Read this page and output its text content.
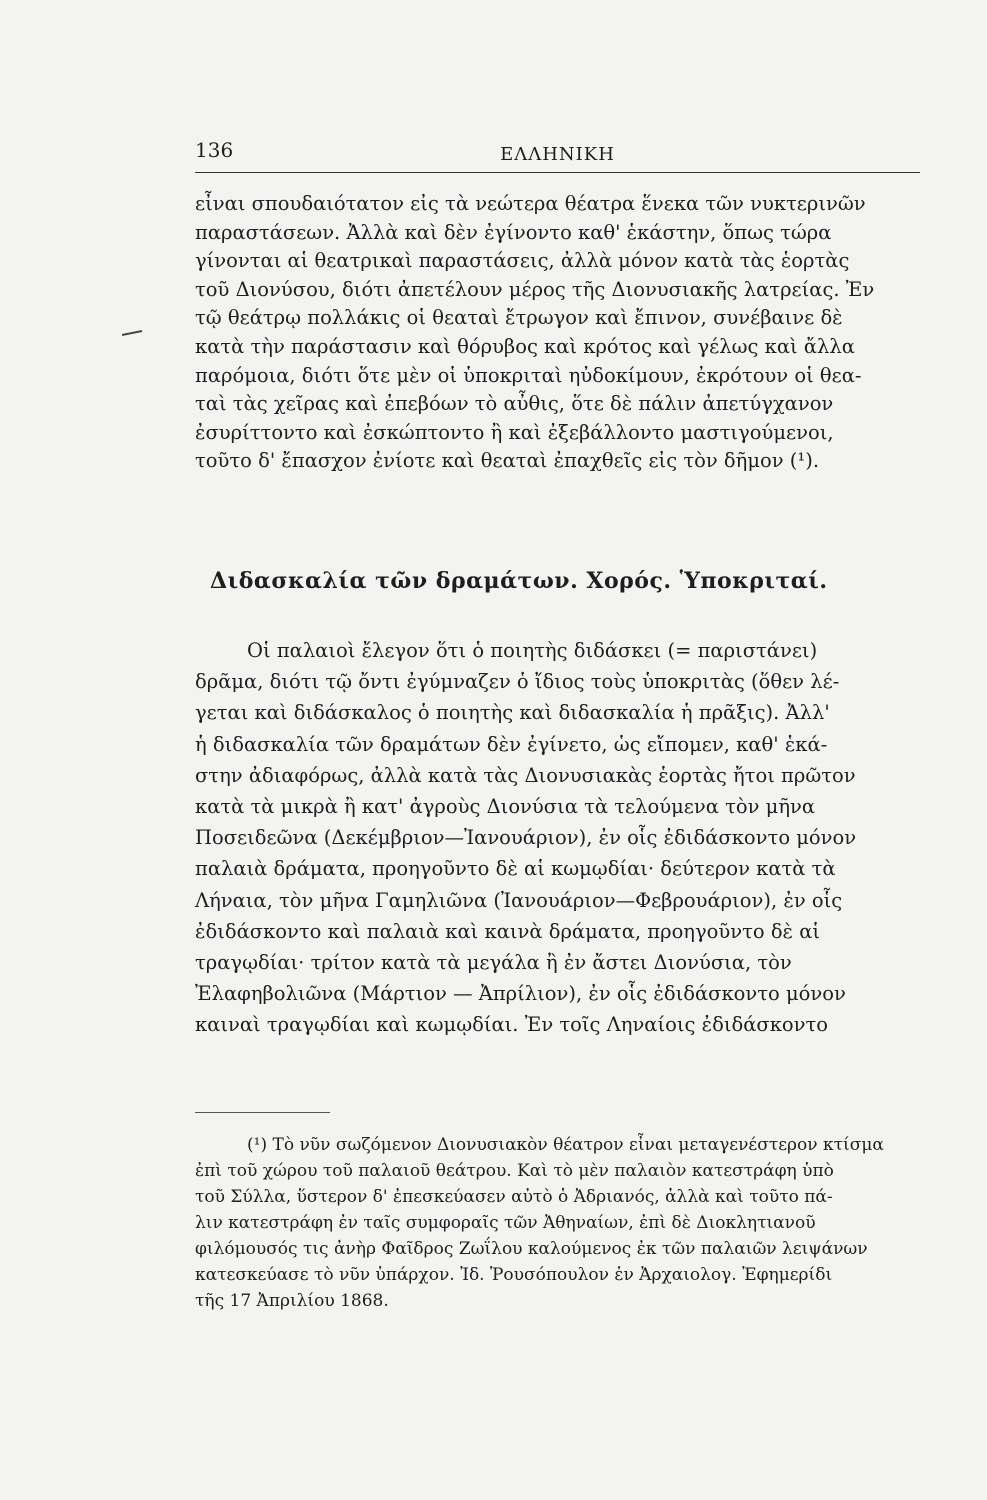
136	ΕΛΛΗΝΙΚΗ
εἶναι σπουδαιότατον εἰς τὰ νεώτερα θέατρα ἕνεκα τῶν νυκτερινῶν
παραστάσεων. Ἀλλὰ καὶ δὲν ἐγίνοντο καθ' ἑκάστην, ὅπως τώρα
γίνονται αἱ θεατρικαὶ παραστάσεις, ἀλλὰ μόνον κατὰ τὰς ἑορτὰς
τοῦ Διονύσου, διότι ἀπετέλουν μέρος τῆς Διονυσιακῆς λατρείας. Ἐν
τῷ θεάτρῳ πολλάκις οἱ θεαταὶ ἔτρωγον καὶ ἔπινον, συνέβαινε δὲ
κατὰ τὴν παράστασιν καὶ θόρυβος καὶ κρότος καὶ γέλως καὶ ἄλλα
παρόμοια, διότι ὅτε μὲν οἱ ὑποκριταὶ ηὐδοκίμουν, ἐκρότουν οἱ θεα-
ταὶ τὰς χεῖρας καὶ ἐπεβόων τὸ αὖθις, ὅτε δὲ πάλιν ἀπετύγχανον
ἐσυρίττοντο καὶ ἐσκώπτοντο ἢ καὶ ἐξεβάλλοντο μαστιγούμενοι,
τοῦτο δ' ἔπασχον ἐνίοτε καὶ θεαταὶ ἐπαχθεῖς εἰς τὸν δῆμον (¹).
Διδασκαλία τῶν δραμάτων. Χορός. Ὑποκριταί.
Οἱ παλαιοὶ ἔλεγον ὅτι ὁ ποιητὴς διδάσκει (= παριστάνει)
δρᾶμα, διότι τῷ ὄντι ἐγύμναζεν ὁ ἴδιος τοὺς ὑποκριτὰς (ὅθεν λέ-
γεται καὶ διδάσκαλος ὁ ποιητὴς καὶ διδασκαλία ἡ πρᾶξις). Ἀλλ'
ἡ διδασκαλία τῶν δραμάτων δὲν ἐγίνετο, ὡς εἴπομεν, καθ' ἑκά-
στην ἀδιαφόρως, ἀλλὰ κατὰ τὰς Διονυσιακὰς ἑορτὰς ἤτοι πρῶτον
κατὰ τὰ μικρὰ ἢ κατ' ἀγροὺς Διονύσια τὰ τελούμενα τὸν μῆνα
Ποσειδεῶνα (Δεκέμβριον—Ἰανουάριον), ἐν οἷς ἐδιδάσκοντο μόνον
παλαιὰ δράματα, προηγοῦντο δὲ αἱ κωμῳδίαι· δεύτερον κατὰ τὰ
Λήναια, τὸν μῆνα Γαμηλιῶνα (Ἰανουάριον—Φεβρουάριον), ἐν οἷς
ἐδιδάσκοντο καὶ παλαιὰ καὶ καινὰ δράματα, προηγοῦντο δὲ αἱ
τραγῳδίαι· τρίτον κατὰ τὰ μεγάλα ἢ ἐν ἄστει Διονύσια, τὸν
Ἐλαφηβολιῶνα (Μάρτιον — Ἀπρίλιον), ἐν οἷς ἐδιδάσκοντο μόνον
καιναὶ τραγῳδίαι καὶ κωμῳδίαι. Ἐν τοῖς Ληναίοις ἐδιδάσκοντο
(¹) Τὸ νῦν σωζόμενον Διονυσιακὸν θέατρον εἶναι μεταγενέστερον κτίσμα
ἐπὶ τοῦ χώρου τοῦ παλαιοῦ θεάτρου. Καὶ τὸ μὲν παλαιὸν κατεστράφη ὑπὸ
τοῦ Σύλλα, ὕστερον δ' ἐπεσκεύασεν αὐτὸ ὁ Ἀδριανός, ἀλλὰ καὶ τοῦτο πά-
λιν κατεστράφη ἐν ταῖς συμφοραῖς τῶν Ἀθηναίων, ἐπὶ δὲ Διοκλητιανοῦ
φιλόμουσός τις ἀνὴρ Φαῖδρος Ζωΐλου καλούμενος ἐκ τῶν παλαιῶν λειψάνων
κατεσκεύασε τὸ νῦν ὑπάρχον. Ἰδ. Ῥουσόπουλον ἐν Ἀρχαιολογ. Ἐφημερίδι
τῆς 17 Ἀπριλίου 1868.
